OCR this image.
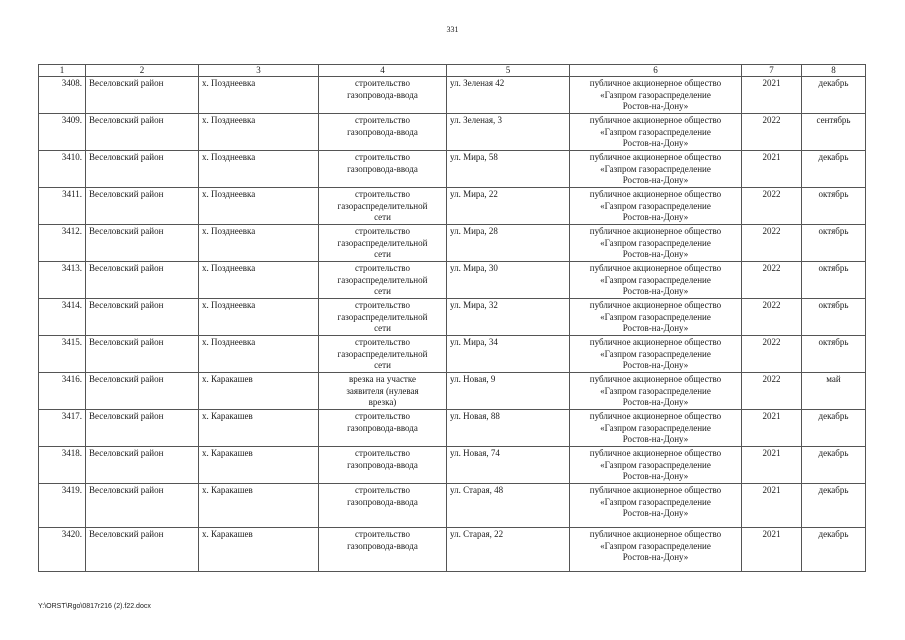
331
1	2	3	4	5	6	7	8
3408.	Веселовский район	х. Позднеевка	строительство
газопровода-ввода	ул. Зеленая 42	публичное акционерное общество
«Газпром газораспределение
Ростов-на-Дону»	2021	декабрь
3409.	Веселовский район	х. Позднеевка	строительство
газопровода-ввода	ул. Зеленая, 3	публичное акционерное общество
«Газпром газораспределение
Ростов-на-Дону»	2022	сентябрь
3410.	Веселовский район	х. Позднеевка	строительство
газопровода-ввода	ул. Мира, 58	публичное акционерное общество
«Газпром газораспределение
Ростов-на-Дону»	2021	декабрь
3411.	Веселовский район	х. Позднеевка	строительство
газораспределительной
сети	ул. Мира, 22	публичное акционерное общество
«Газпром газораспределение
Ростов-на-Дону»	2022	октябрь
3412.	Веселовский район	х. Позднеевка	строительство
газораспределительной
сети	ул. Мира, 28	публичное акционерное общество
«Газпром газораспределение
Ростов-на-Дону»	2022	октябрь
3413.	Веселовский район	х. Позднеевка	строительство
газораспределительной
сети	ул. Мира, 30	публичное акционерное общество
«Газпром газораспределение
Ростов-на-Дону»	2022	октябрь
3414.	Веселовский район	х. Позднеевка	строительство
газораспределительной
сети	ул. Мира, 32	публичное акционерное общество
«Газпром газораспределение
Ростов-на-Дону»	2022	октябрь
3415.	Веселовский район	х. Позднеевка	строительство
газораспределительной
сети	ул. Мира, 34	публичное акционерное общество
«Газпром газораспределение
Ростов-на-Дону»	2022	октябрь
3416.	Веселовский район	х. Каракашев	врезка на участке
заявителя (нулевая
врезка)	ул. Новая, 9	публичное акционерное общество
«Газпром газораспределение
Ростов-на-Дону»	2022	май
3417.	Веселовский район	х. Каракашев	строительство
газопровода-ввода	ул. Новая, 88	публичное акционерное общество
«Газпром газораспределение
Ростов-на-Дону»	2021	декабрь
3418.	Веселовский район	х. Каракашев	строительство
газопровода-ввода	ул. Новая, 74	публичное акционерное общество
«Газпром газораспределение
Ростов-на-Дону»	2021	декабрь
3419.	Веселовский район	х. Каракашев	строительство
газопровода-ввода	ул. Старая, 48	публичное акционерное общество
«Газпром газораспределение
Ростов-на-Дону»	2021	декабрь
3420.	Веселовский район	х. Каракашев	строительство
газопровода-ввода	ул. Старая, 22	публичное акционерное общество
«Газпром газораспределение
Ростов-на-Дону»	2021	декабрь
Y:\ORST\Rgo\0817r216 (2).f22.docx
